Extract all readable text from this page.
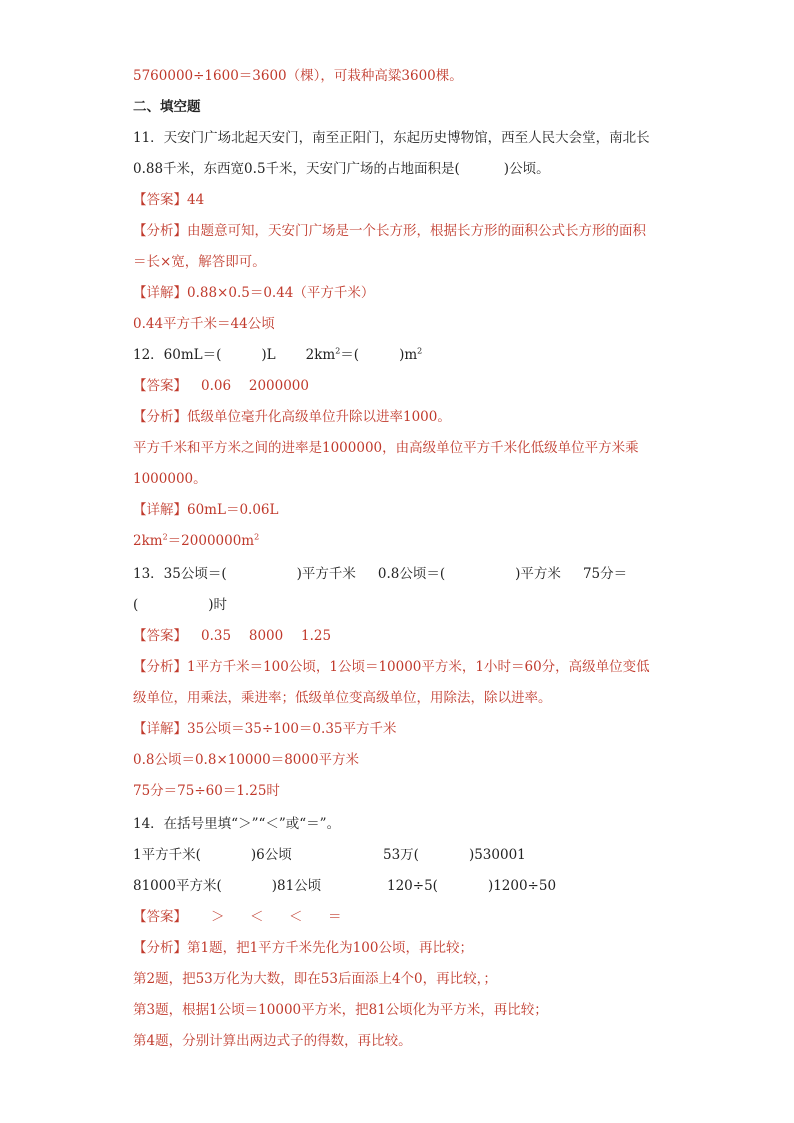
5760000÷1600＝3600（棵），可栽种高粱3600棵。
二、填空题
11．天安门广场北起天安门，南至正阳门，东起历史博物馆，西至人民大会堂，南北长
0.88千米，东西宽0.5千米，天安门广场的占地面积是(	)公顷。
【答案】44
【分析】由题意可知，天安门广场是一个长方形，根据长方形的面积公式长方形的面积
＝长×宽，解答即可。
【详解】0.88×0.5＝0.44（平方千米）
0.44平方千米＝44公顷
12．60mL＝(	)L $2km^2=$(	)$m^2$
【答案】 0.06　 2000000
【分析】低级单位毫升化高级单位升除以进率1000。
平方千米和平方米之间的进率是1000000，由高级单位平方千米化低级单位平方米乘
1000000。
【详解】60mL＝0.06L
$2km^2=2000000m^2$
13．35公顷＝(	)平方千米 0.8公顷＝(	)平方米 75分＝
(	)时
【答案】 0.35　 8000　 1.25
【分析】1平方千米＝100公顷，1公顷＝10000平方米，1小时＝60分，高级单位变低
级单位，用乘法，乘进率；低级单位变高级单位，用除法，除以进率。
【详解】35公顷＝35÷100＝0.35平方千米
0.8公顷＝0.8×10000＝8000平方米
75分＝75÷60＝1.25时
14．在括号里填“＞”“＜”或“＝”。
1平方千米(	)6公顷	53万(	)530001
81000平方米(	)81公顷	120÷5(	)1200÷50
【答案】 ＞　＜　＜　＝
【分析】第1题，把1平方千米先化为100公顷，再比较；
第2题，把53万化为大数，即在53后面添上4个0，再比较，；
第3题，根据1公顷＝10000平方米，把81公顷化为平方米，再比较；
第4题，分别计算出两边式子的得数，再比较。
